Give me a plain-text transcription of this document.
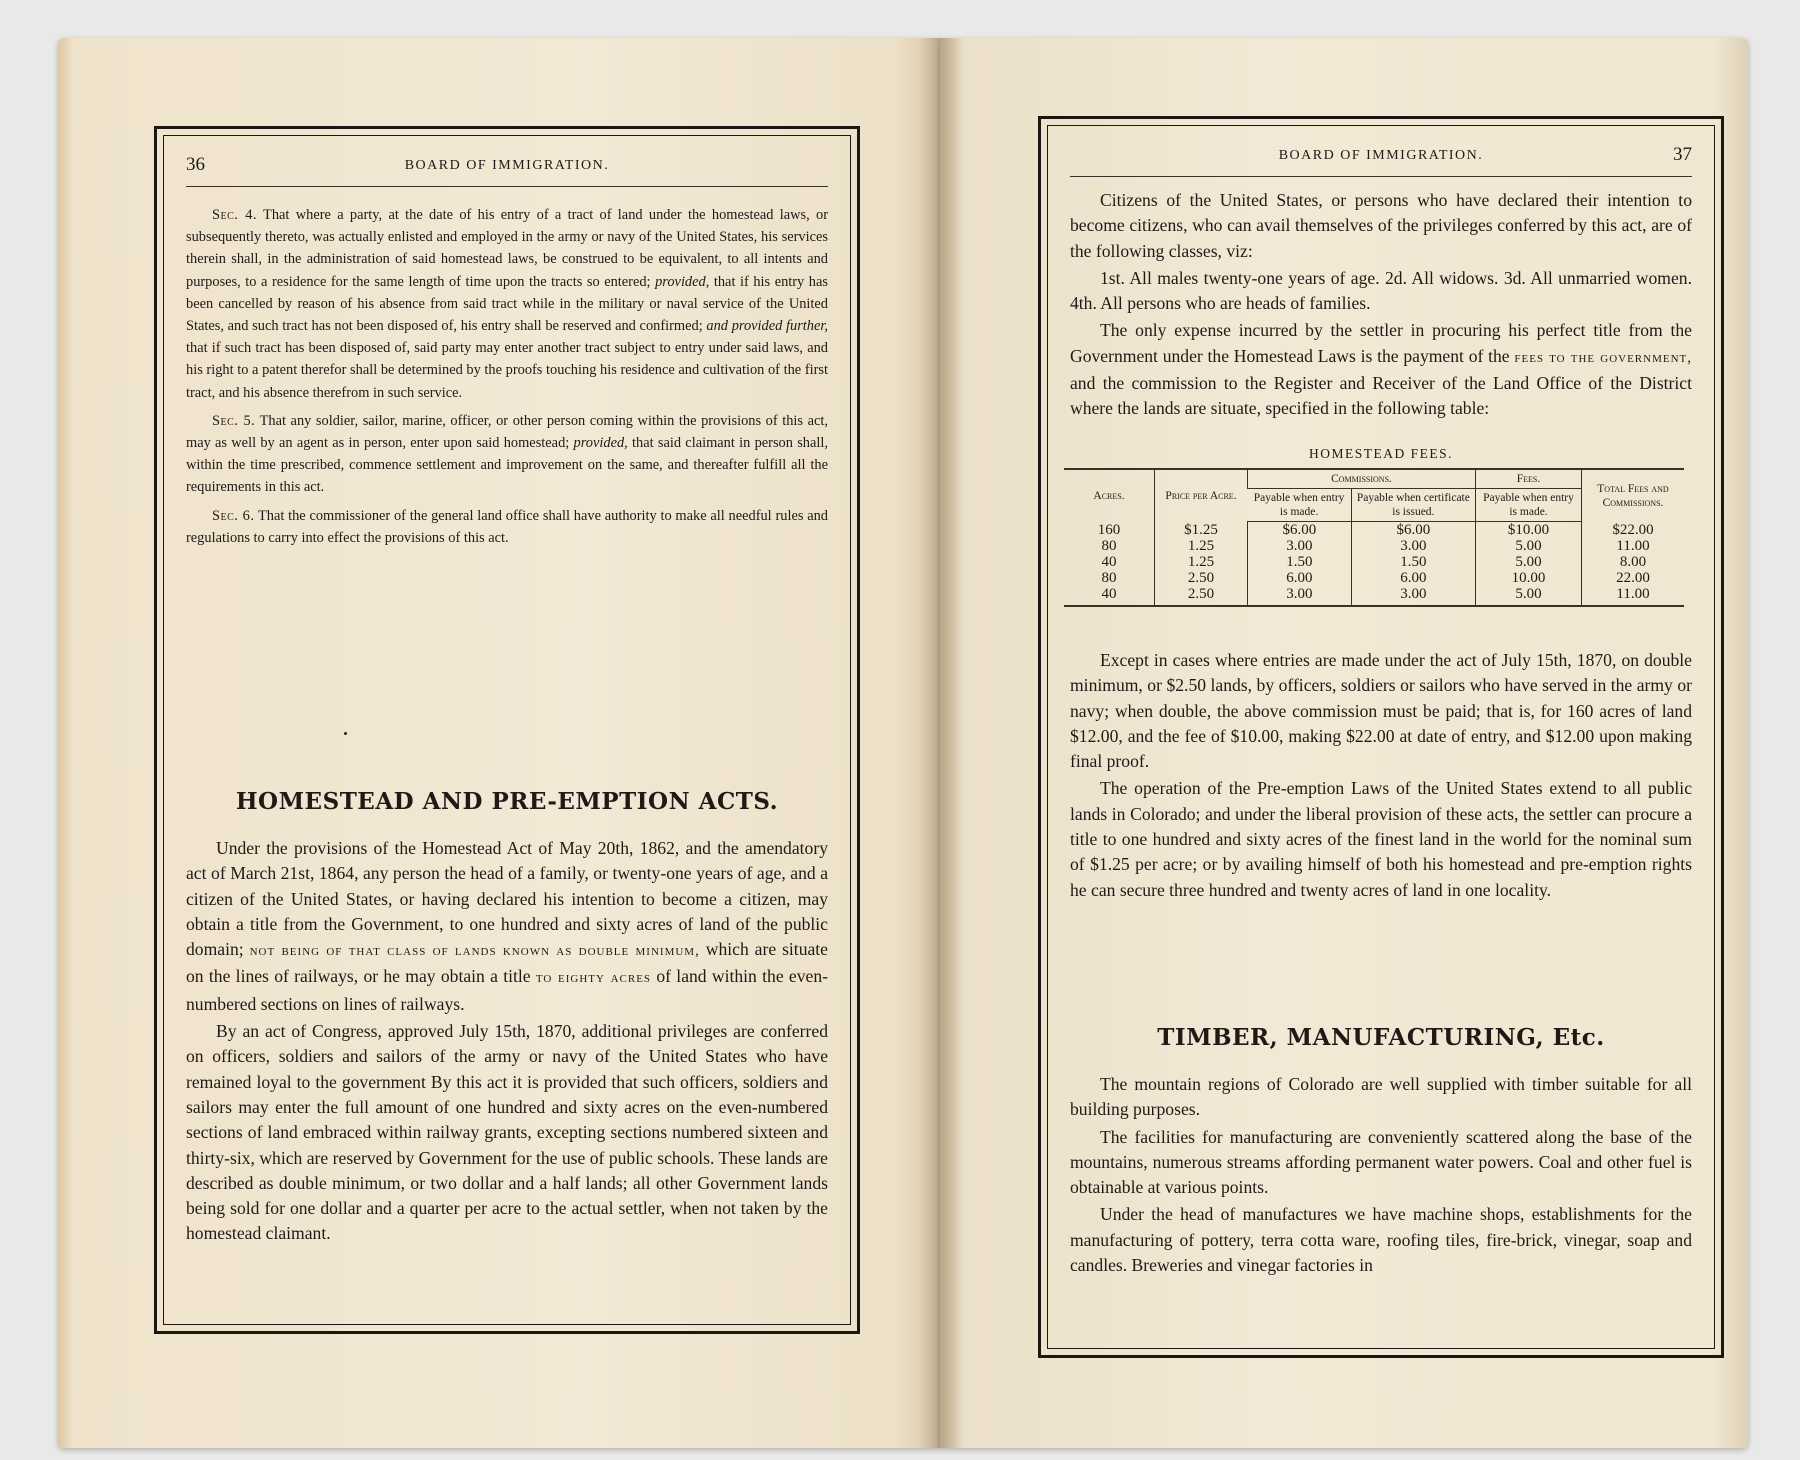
36	BOARD OF IMMIGRATION.

Sec. 4. That where a party, at the date of his entry of a tract of land under the homestead laws, or subsequently thereto, was actually enlisted and employed in the army or navy of the United States, his services therein shall, in the administration of said homestead laws, be construed to be equivalent, to all intents and purposes, to a residence for the same length of time upon the tracts so entered; provided, that if his entry has been cancelled by reason of his absence from said tract while in the military or naval service of the United States, and such tract has not been disposed of, his entry shall be reserved and confirmed; and provided further, that if such tract has been disposed of, said party may enter another tract subject to entry under said laws, and his right to a patent therefor shall be determined by the proofs touching his residence and cultivation of the first tract, and his absence therefrom in such service.

Sec. 5. That any soldier, sailor, marine, officer, or other person coming within the provisions of this act, may as well by an agent as in person, enter upon said homestead; provided, that said claimant in person shall, within the time prescribed, commence settlement and improvement on the same, and thereafter fulfill all the requirements in this act.

Sec. 6. That the commissioner of the general land office shall have authority to make all needful rules and regulations to carry into effect the provisions of this act.

HOMESTEAD AND PRE-EMPTION ACTS.

Under the provisions of the Homestead Act of May 20th, 1862, and the amendatory act of March 21st, 1864, any person the head of a family, or twenty-one years of age, and a citizen of the United States, or having declared his intention to become a citizen, may obtain a title from the Government, to one hundred and sixty acres of land of the public domain; not being of that class of lands known as double minimum, which are situate on the lines of railways, or he may obtain a title to eighty acres of land within the even-numbered sections on lines of railways.

By an act of Congress, approved July 15th, 1870, additional privileges are conferred on officers, soldiers and sailors of the army or navy of the United States who have remained loyal to the government By this act it is provided that such officers, soldiers and sailors may enter the full amount of one hundred and sixty acres on the even-numbered sections of land embraced within railway grants, excepting sections numbered sixteen and thirty-six, which are reserved by Government for the use of public schools. These lands are described as double minimum, or two dollar and a half lands; all other Government lands being sold for one dollar and a quarter per acre to the actual settler, when not taken by the homestead claimant.

BOARD OF IMMIGRATION.	37

Citizens of the United States, or persons who have declared their intention to become citizens, who can avail themselves of the privileges conferred by this act, are of the following classes, viz:

1st. All males twenty-one years of age. 2d. All widows. 3d. All unmarried women. 4th. All persons who are heads of families.

The only expense incurred by the settler in procuring his perfect title from the Government under the Homestead Laws is the payment of the fees to the government, and the commission to the Register and Receiver of the Land Office of the District where the lands are situate, specified in the following table:

HOMESTEAD FEES.
Acres.	Price per Acre.	Commissions.		Fees.	Total Fees and Commissions.
		Payable when entry is made.	Payable when certificate is issued.	Payable when entry is made.	
160	$1.25	$6.00	$6.00	$10.00	$22.00
80	1.25	3.00	3.00	5.00	11.00
40	1.25	1.50	1.50	5.00	8.00
80	2.50	6.00	6.00	10.00	22.00
40	2.50	3.00	3.00	5.00	11.00

Except in cases where entries are made under the act of July 15th, 1870, on double minimum, or $2.50 lands, by officers, soldiers or sailors who have served in the army or navy; when double, the above commission must be paid; that is, for 160 acres of land $12.00, and the fee of $10.00, making $22.00 at date of entry, and $12.00 upon making final proof.

The operation of the Pre-emption Laws of the United States extend to all public lands in Colorado; and under the liberal provision of these acts, the settler can procure a title to one hundred and sixty acres of the finest land in the world for the nominal sum of $1.25 per acre; or by availing himself of both his homestead and pre-emption rights he can secure three hundred and twenty acres of land in one locality.

TIMBER, MANUFACTURING, Etc.

The mountain regions of Colorado are well supplied with timber suitable for all building purposes.

The facilities for manufacturing are conveniently scattered along the base of the mountains, numerous streams affording permanent water powers. Coal and other fuel is obtainable at various points.

Under the head of manufactures we have machine shops, establishments for the manufacturing of pottery, terra cotta ware, roofing tiles, fire-brick, vinegar, soap and candles. Breweries and vinegar factories in
